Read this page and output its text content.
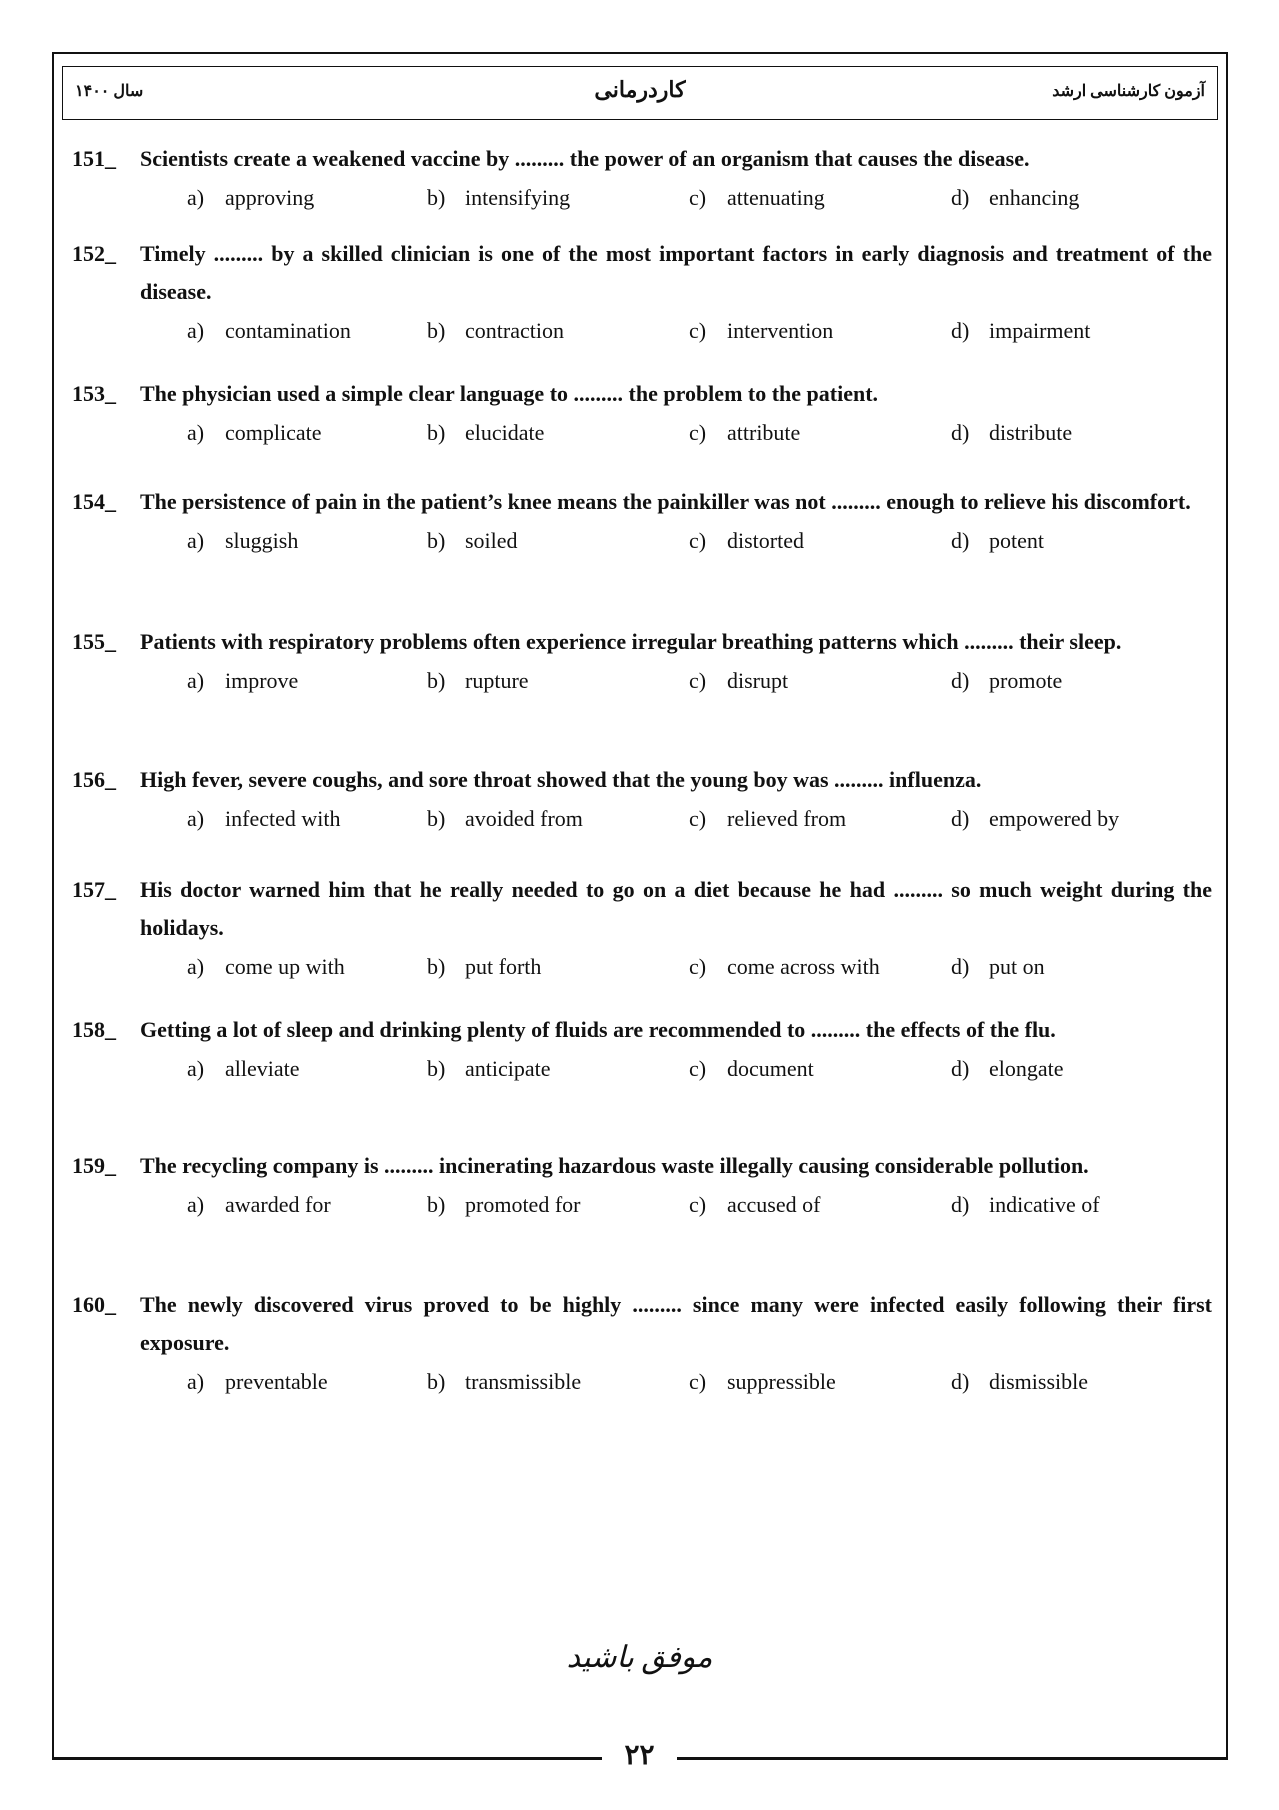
سال ۱۴۰۰	کاردرمانی	آزمون کارشناسی ارشد
151_	Scientists create a weakened vaccine by ......... the power of an organism that causes the disease.
a) approving	b) intensifying	c) attenuating	d) enhancing
152_	Timely ......... by a skilled clinician is one of the most important factors in early diagnosis and treatment of the disease.
a) contamination	b) contraction	c) intervention	d) impairment
153_	The physician used a simple clear language to ......... the problem to the patient.
a) complicate	b) elucidate	c) attribute	d) distribute
154_	The persistence of pain in the patient’s knee means the painkiller was not ......... enough to relieve his discomfort.
a) sluggish	b) soiled	c) distorted	d) potent
155_	Patients with respiratory problems often experience irregular breathing patterns which ......... their sleep.
a) improve	b) rupture	c) disrupt	d) promote
156_	High fever, severe coughs, and sore throat showed that the young boy was ......... influenza.
a) infected with	b) avoided from	c) relieved from	d) empowered by
157_	His doctor warned him that he really needed to go on a diet because he had ......... so much weight during the holidays.
a) come up with	b) put forth	c) come across with	d) put on
158_	Getting a lot of sleep and drinking plenty of fluids are recommended to ......... the effects of the flu.
a) alleviate	b) anticipate	c) document	d) elongate
159_	The recycling company is ......... incinerating hazardous waste illegally causing considerable pollution.
a) awarded for	b) promoted for	c) accused of	d) indicative of
160_	The newly discovered virus proved to be highly ......... since many were infected easily following their first exposure.
a) preventable	b) transmissible	c) suppressible	d) dismissible
موفق باشید
۲۲
